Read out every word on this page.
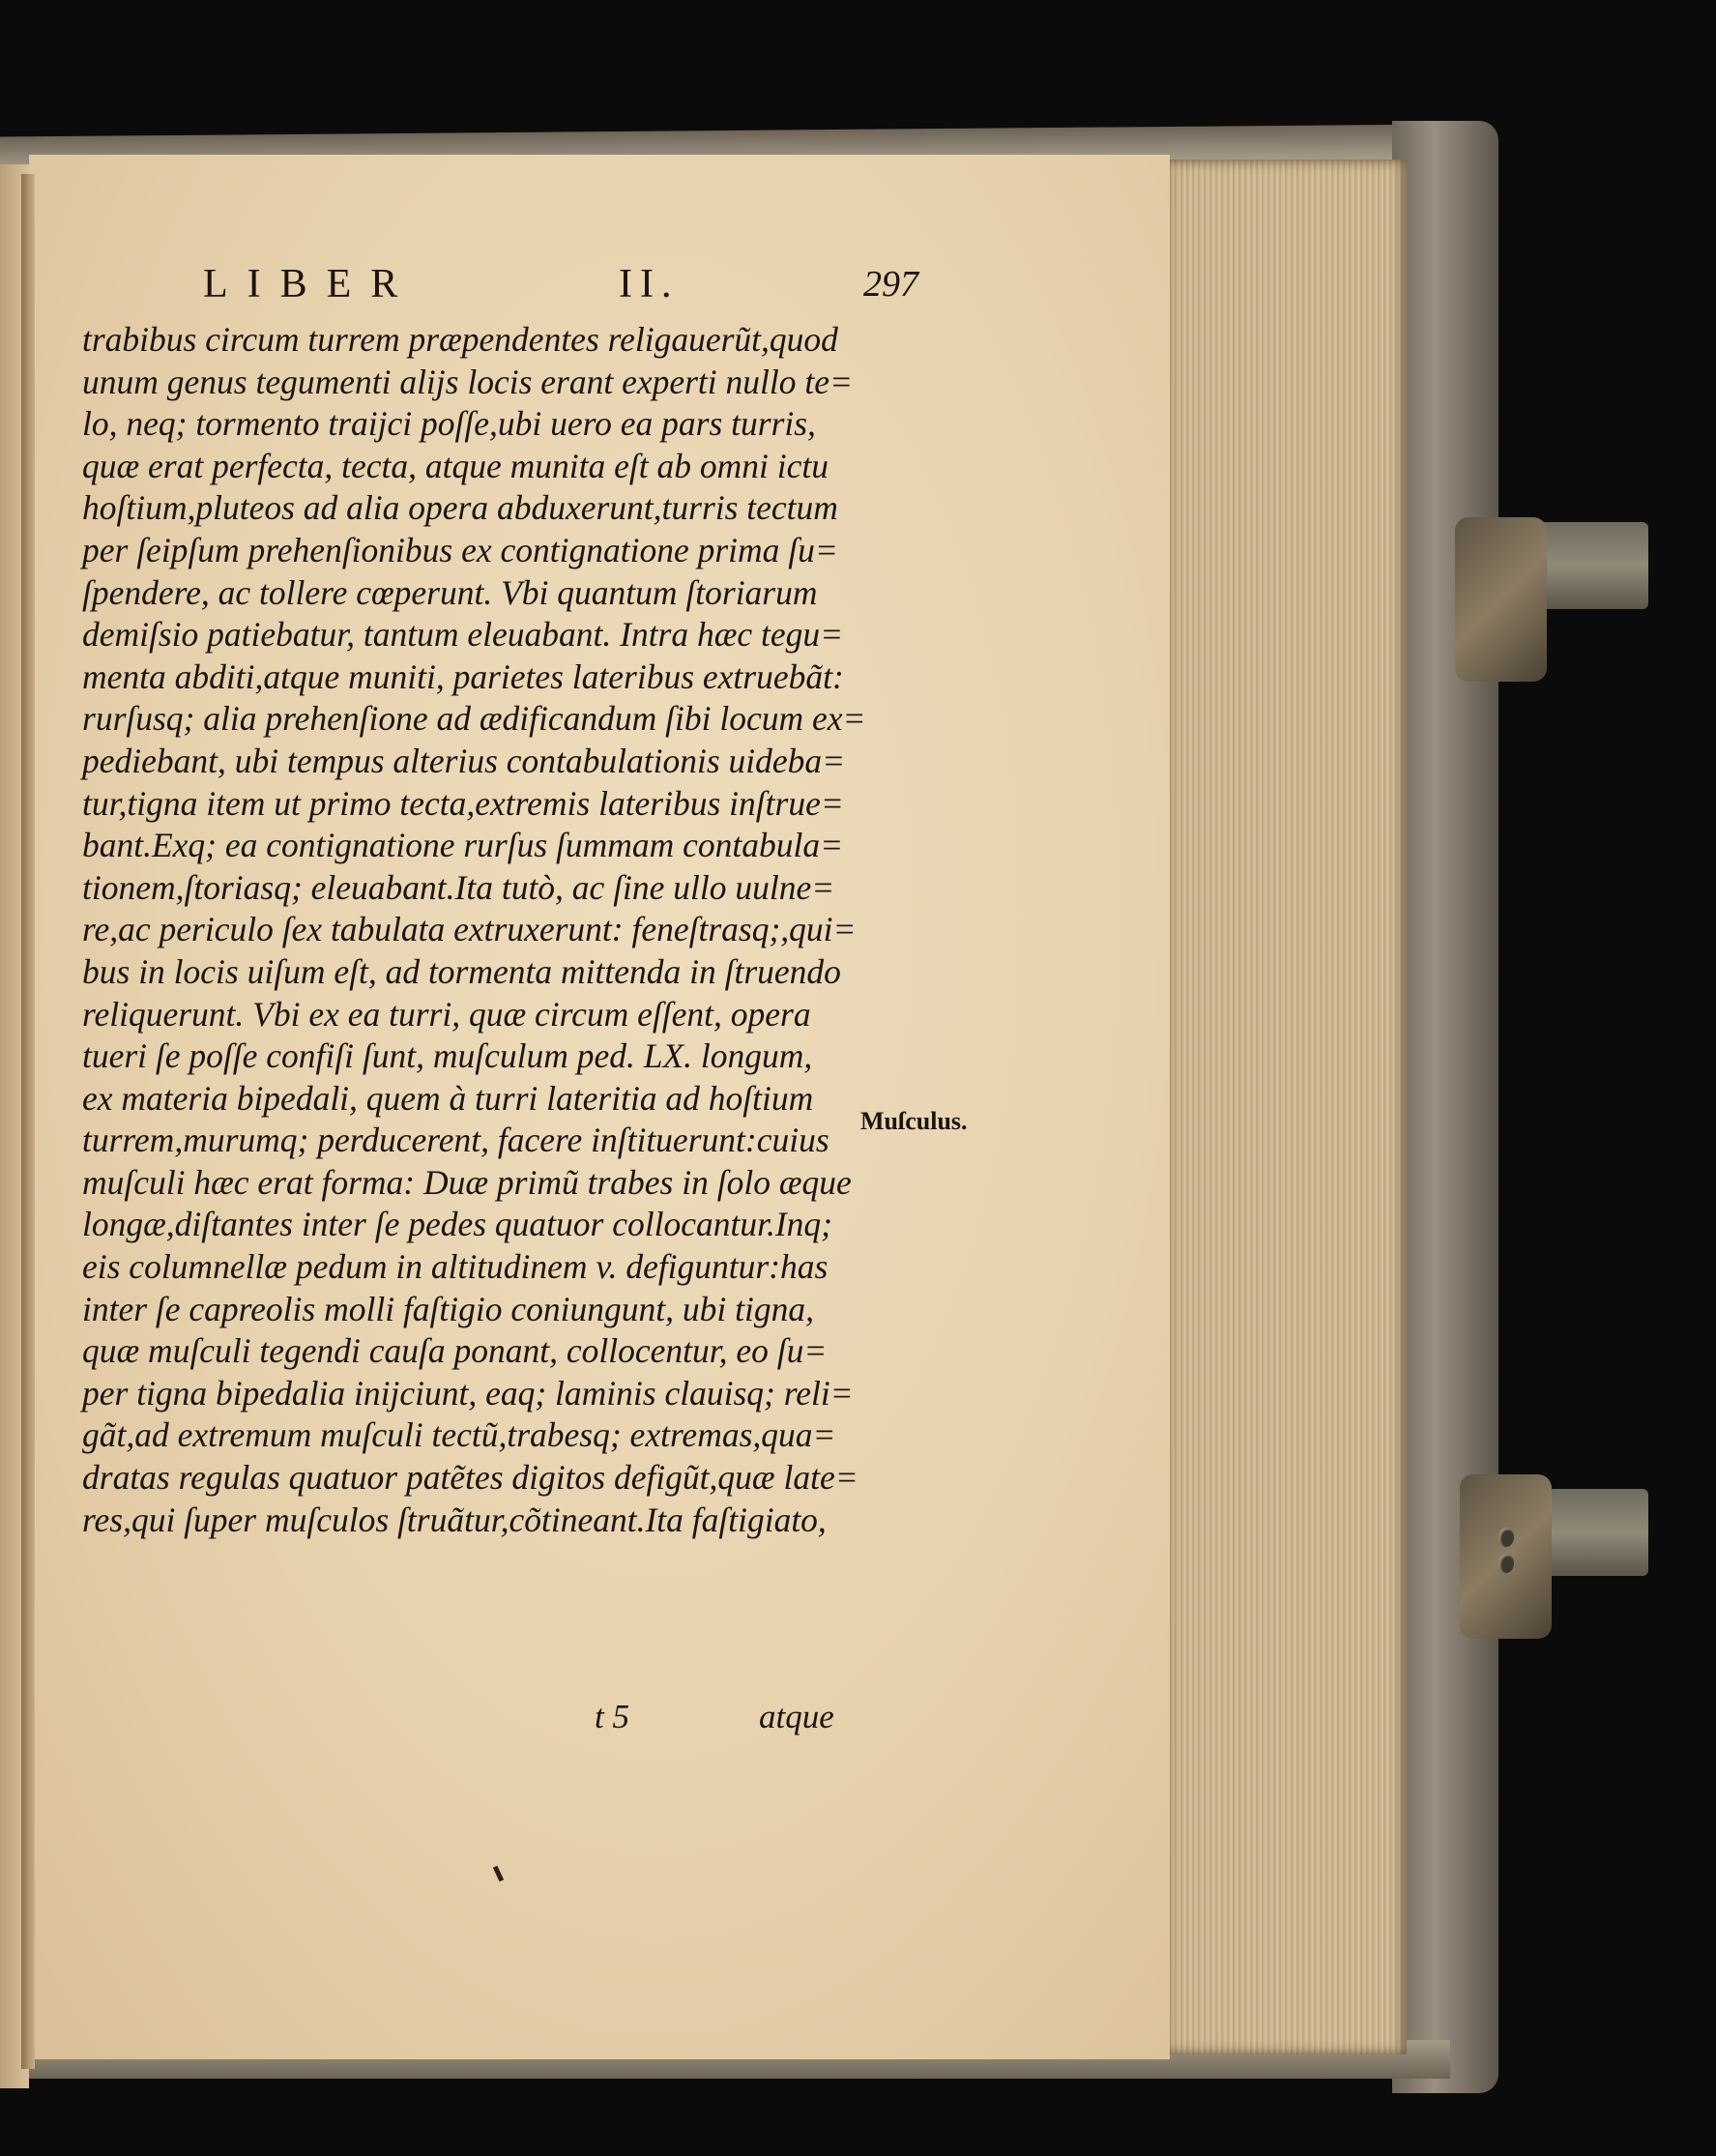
LIBER	II.	297
trabibus circum turrem præpendentes religauerũt,quod
unum genus tegumenti alijs locis erant experti nullo te=
lo, neq; tormento traijci poſſe,ubi uero ea pars turris,
quæ erat perfecta, tecta, atque munita eſt ab omni ictu
hoſtium,pluteos ad alia opera abduxerunt,turris tectum
per ſeipſum prehenſionibus ex contignatione prima ſu=
ſpendere, ac tollere cœperunt. Vbi quantum ſtoriarum
demiſsio patiebatur, tantum eleuabant. Intra hæc tegu=
menta abditi,atque muniti, parietes lateribus extruebãt:
rurſusq; alia prehenſione ad ædificandum ſibi locum ex=
pediebant, ubi tempus alterius contabulationis uideba=
tur,tigna item ut primo tecta,extremis lateribus inſtrue=
bant.Exq; ea contignatione rurſus ſummam contabula=
tionem,ſtoriasq; eleuabant.Ita tutò, ac ſine ullo uulne=
re,ac periculo ſex tabulata extruxerunt: feneſtrasq;,qui=
bus in locis uiſum eſt, ad tormenta mittenda in ſtruendo
reliquerunt. Vbi ex ea turri, quæ circum eſſent, opera
tueri ſe poſſe confiſi ſunt, muſculum ped. LX. longum,
ex materia bipedali, quem à turri lateritia ad hoſtium
turrem,murumq; perducerent, facere inſtituerunt:cuius
muſculi hæc erat forma: Duæ primũ trabes in ſolo æque
longæ,diſtantes inter ſe pedes quatuor collocantur.Inq;
eis columnellæ pedum in altitudinem v. defiguntur:has
inter ſe capreolis molli faſtigio coniungunt, ubi tigna,
quæ muſculi tegendi cauſa ponant, collocentur, eo ſu=
per tigna bipedalia inijciunt, eaq; laminis clauisq; reli=
gãt,ad extremum muſculi tectũ,trabesq; extremas,qua=
dratas regulas quatuor patẽtes digitos defigũt,quæ late=
res,qui ſuper muſculos ſtruãtur,cõtineant.Ita faſtigiato,
t 5	atque
Muſculus.
